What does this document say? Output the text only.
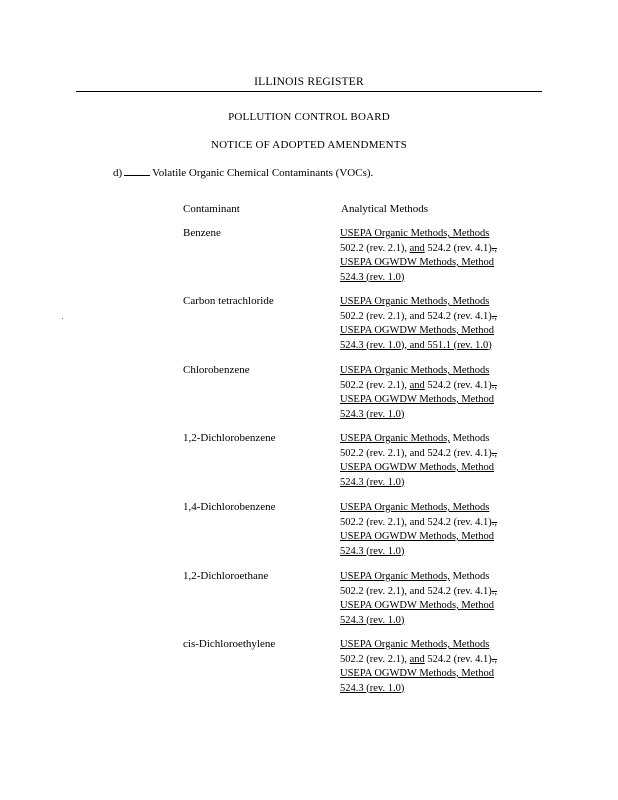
ILLINOIS REGISTER
POLLUTION CONTROL BOARD
NOTICE OF ADOPTED AMENDMENTS
d)	Volatile Organic Chemical Contaminants (VOCs).
Contaminant	Analytical Methods
Benzene	USEPA Organic Methods, Methods
502.2 (rev. 2.1), and 524.2 (rev. 4.1).,
USEPA OGWDW Methods, Method
524.3 (rev. 1.0)
Carbon tetrachloride	USEPA Organic Methods, Methods
502.2 (rev. 2.1), and 524.2 (rev. 4.1).,
USEPA OGWDW Methods, Method
524.3 (rev. 1.0), and 551.1 (rev. 1.0)
Chlorobenzene	USEPA Organic Methods, Methods
502.2 (rev. 2.1), and 524.2 (rev. 4.1).,
USEPA OGWDW Methods, Method
524.3 (rev. 1.0)
1,2-Dichlorobenzene	USEPA Organic Methods, Methods
502.2 (rev. 2.1), and 524.2 (rev. 4.1).,
USEPA OGWDW Methods, Method
524.3 (rev. 1.0)
1,4-Dichlorobenzene	USEPA Organic Methods, Methods
502.2 (rev. 2.1), and 524.2 (rev. 4.1).,
USEPA OGWDW Methods, Method
524.3 (rev. 1.0)
1,2-Dichloroethane	USEPA Organic Methods, Methods
502.2 (rev. 2.1), and 524.2 (rev. 4.1).,
USEPA OGWDW Methods, Method
524.3 (rev. 1.0)
cis-Dichloroethylene	USEPA Organic Methods, Methods
502.2 (rev. 2.1), and 524.2 (rev. 4.1).,
USEPA OGWDW Methods, Method
524.3 (rev. 1.0)
